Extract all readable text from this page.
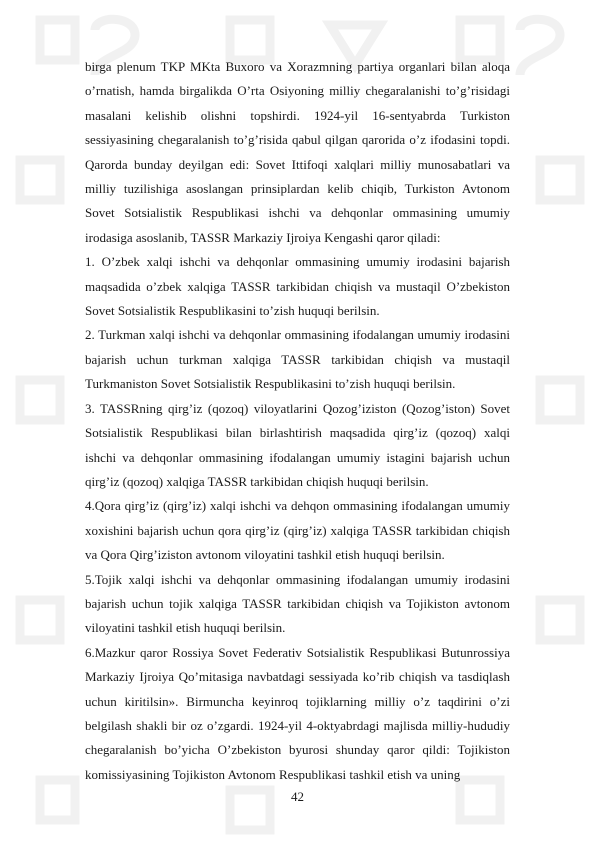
birga plenum TKP MKta Buxoro va Xorazmning partiya organlari bilan aloqa o’rnatish, hamda birgalikda O’rta Osiyoning milliy chegaralanishi to’g’risidagi masalani kelishib olishni topshirdi. 1924-yil 16-sentyabrda Turkiston sessiyasining chegaralanish to’g’risida qabul qilgan qarorida o’z ifodasini topdi. Qarorda bunday deyilgan edi: Sovet Ittifoqi xalqlari milliy munosabatlari va milliy tuzilishiga asoslangan prinsiplardan kelib chiqib, Turkiston Avtonom Sovet Sotsialistik Respublikasi ishchi va dehqonlar ommasining umumiy irodasiga asoslanib, TASSR Markaziy Ijroiya Kengashi qaror qiladi:

1. O’zbek xalqi ishchi va dehqonlar ommasining umumiy irodasini bajarish maqsadida o’zbek xalqiga TASSR tarkibidan chiqish va mustaqil O’zbekiston Sovet Sotsialistik Respublikasini to’zish huquqi berilsin.

2. Turkman xalqi ishchi va dehqonlar ommasining ifodalangan umumiy irodasini bajarish uchun turkman xalqiga TASSR tarkibidan chiqish va mustaqil Turkmaniston Sovet Sotsialistik Respublikasini to’zish huquqi berilsin.

3. TASSRning qirg’iz (qozoq) viloyatlarini Qozog’iziston (Qozog’iston) Sovet Sotsialistik Respublikasi bilan birlashtirish maqsadida qirg’iz (qozoq) xalqi ishchi va dehqonlar ommasining ifodalangan umumiy istagini bajarish uchun qirg’iz (qozoq) xalqiga TASSR tarkibidan chiqish huquqi berilsin.

4.Qora qirg’iz (qirg’iz) xalqi ishchi va dehqon ommasining ifodalangan umumiy xoxishini bajarish uchun qora qirg’iz (qirg’iz) xalqiga TASSR tarkibidan chiqish va Qora Qirg’iziston avtonom viloyatini tashkil etish huquqi berilsin.

5.Tojik xalqi ishchi va dehqonlar ommasining ifodalangan umumiy irodasini bajarish uchun tojik xalqiga TASSR tarkibidan chiqish va Tojikiston avtonom viloyatini tashkil etish huquqi berilsin.

6.Mazkur qaror Rossiya Sovet Federativ Sotsialistik Respublikasi Butunrossiya Markaziy Ijroiya Qo’mitasiga navbatdagi sessiyada ko’rib chiqish va tasdiqlash uchun kiritilsin». Birmuncha keyinroq tojiklarning milliy o’z taqdirini o’zi belgilash shakli bir oz o’zgardi. 1924-yil 4-oktyabrdagi majlisda milliy-hududiy chegaralanish bo’yicha O’zbekiston byurosi shunday qaror qildi: Tojikiston komissiyasining Tojikiston Avtonom Respublikasi tashkil etish va uning

42
